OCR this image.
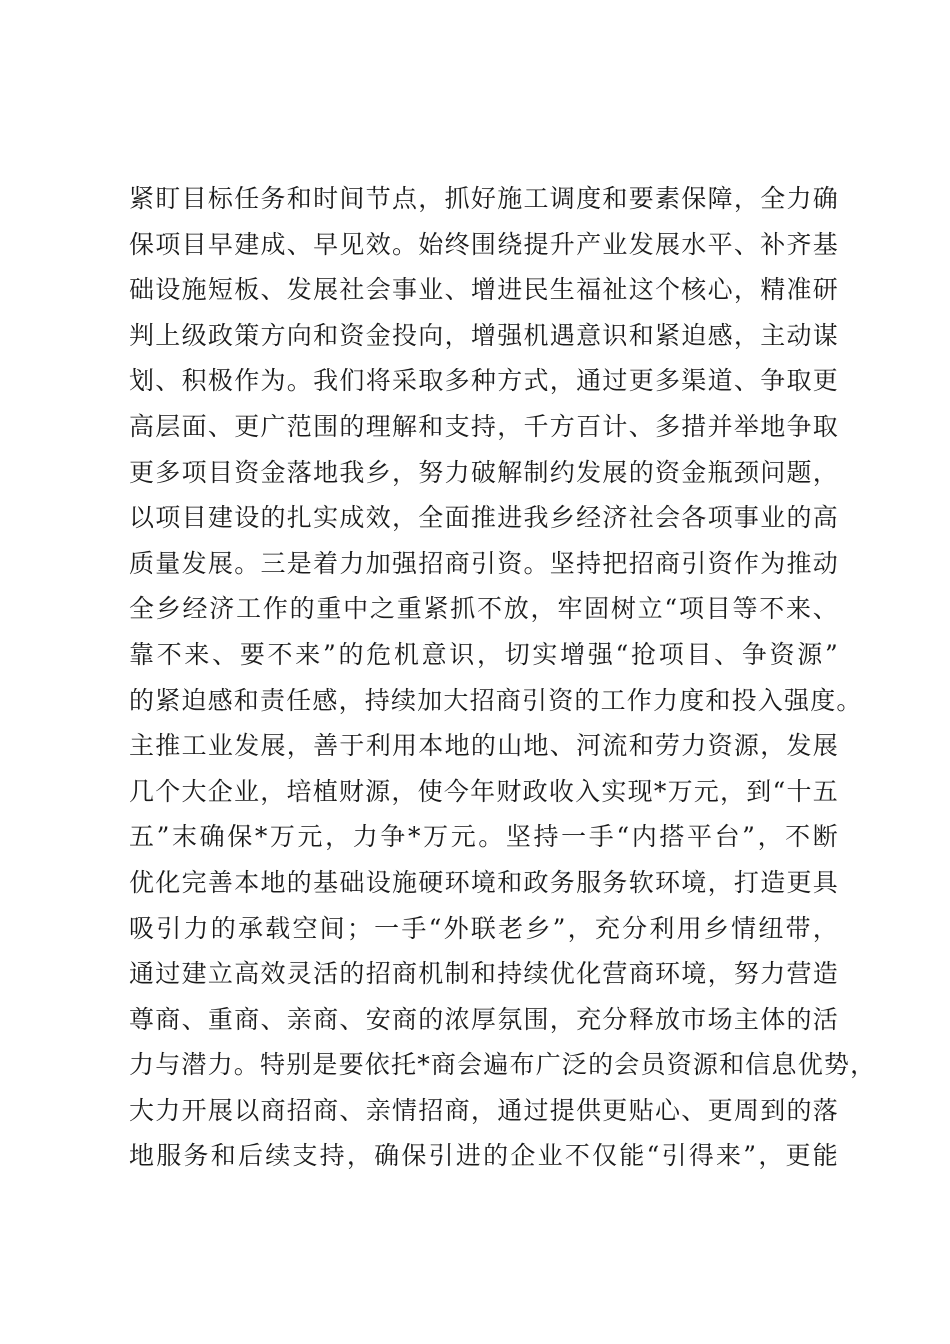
紧盯目标任务和时间节点，抓好施工调度和要素保障，全力确
保项目早建成、早见效。始终围绕提升产业发展水平、补齐基
础设施短板、发展社会事业、增进民生福祉这个核心，精准研
判上级政策方向和资金投向，增强机遇意识和紧迫感，主动谋
划、积极作为。我们将采取多种方式，通过更多渠道、争取更
高层面、更广范围的理解和支持，千方百计、多措并举地争取
更多项目资金落地我乡，努力破解制约发展的资金瓶颈问题，
以项目建设的扎实成效，全面推进我乡经济社会各项事业的高
质量发展。三是着力加强招商引资。坚持把招商引资作为推动
全乡经济工作的重中之重紧抓不放，牢固树立“项目等不来、
靠不来、要不来”的危机意识，切实增强“抢项目、争资源”
的紧迫感和责任感，持续加大招商引资的工作力度和投入强度。
主推工业发展，善于利用本地的山地、河流和劳力资源，发展
几个大企业，培植财源，使今年财政收入实现*万元，到“十五
五”末确保*万元，力争*万元。坚持一手“内搭平台”，不断
优化完善本地的基础设施硬环境和政务服务软环境，打造更具
吸引力的承载空间；一手“外联老乡”，充分利用乡情纽带，
通过建立高效灵活的招商机制和持续优化营商环境，努力营造
尊商、重商、亲商、安商的浓厚氛围，充分释放市场主体的活
力与潜力。特别是要依托*商会遍布广泛的会员资源和信息优势，
大力开展以商招商、亲情招商，通过提供更贴心、更周到的落
地服务和后续支持，确保引进的企业不仅能“引得来”，更能
